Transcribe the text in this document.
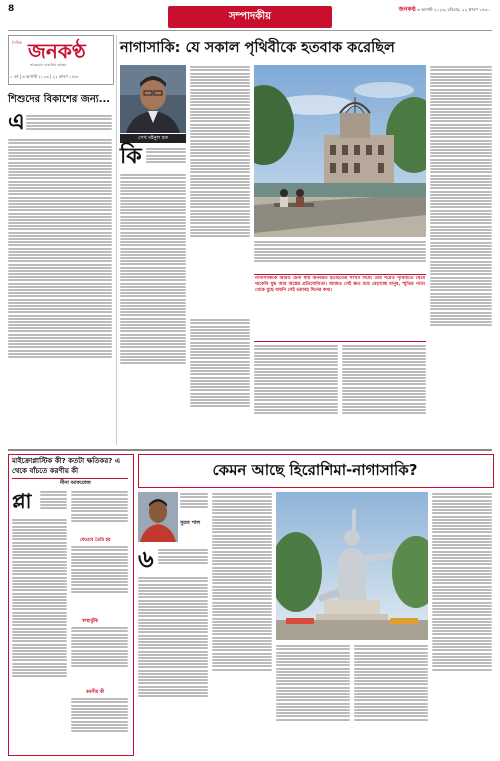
8
সম্পাদকীয়
জনকণ্ঠ ৬ আগস্ট ২০২৩, রবিবার, ২২ শ্রাবণ ১৪৩০
দৈনিক জনকণ্ঠ
আবহমান বাঙালির কণ্ঠস্বর
১ বর্ষ | ৬ আগস্ট ২০২৩ | ২২ শ্রাবণ ১৪৩০
শিশুদের বিকাশের জন্য...
এ
নাগাসাকি: যে সকাল পৃথিবীকে হতবাক করেছিল
সেখ মইনুল হক
কি
নাগাসাকিকে আরও চেনা যায় অনবরত হতাহতের সংখ্যা দিয়ে। তার পরেও পৃথিবীতে থেমে থাকেনি যুদ্ধ আর অস্ত্রের প্রতিযোগিতা। আজও সেই ক্ষত বয়ে বেড়াচ্ছে মানুষ, স্মৃতির পাতা থেকে মুছে যায়নি সেই ভয়াবহ দিনের কথা।
মাইক্রোপ্লাস্টিক কী? কতটা ক্ষতিকর? এ থেকে বাঁচতে করণীয় কী
নীনা আফরোজ
প্লা
যেভাবে তৈরি হয়
স্বাস্থ্যঝুঁকি
করণীয় কী
কেমন আছে হিরোশিমা-নাগাসাকি?
সুরত পাল
৬
